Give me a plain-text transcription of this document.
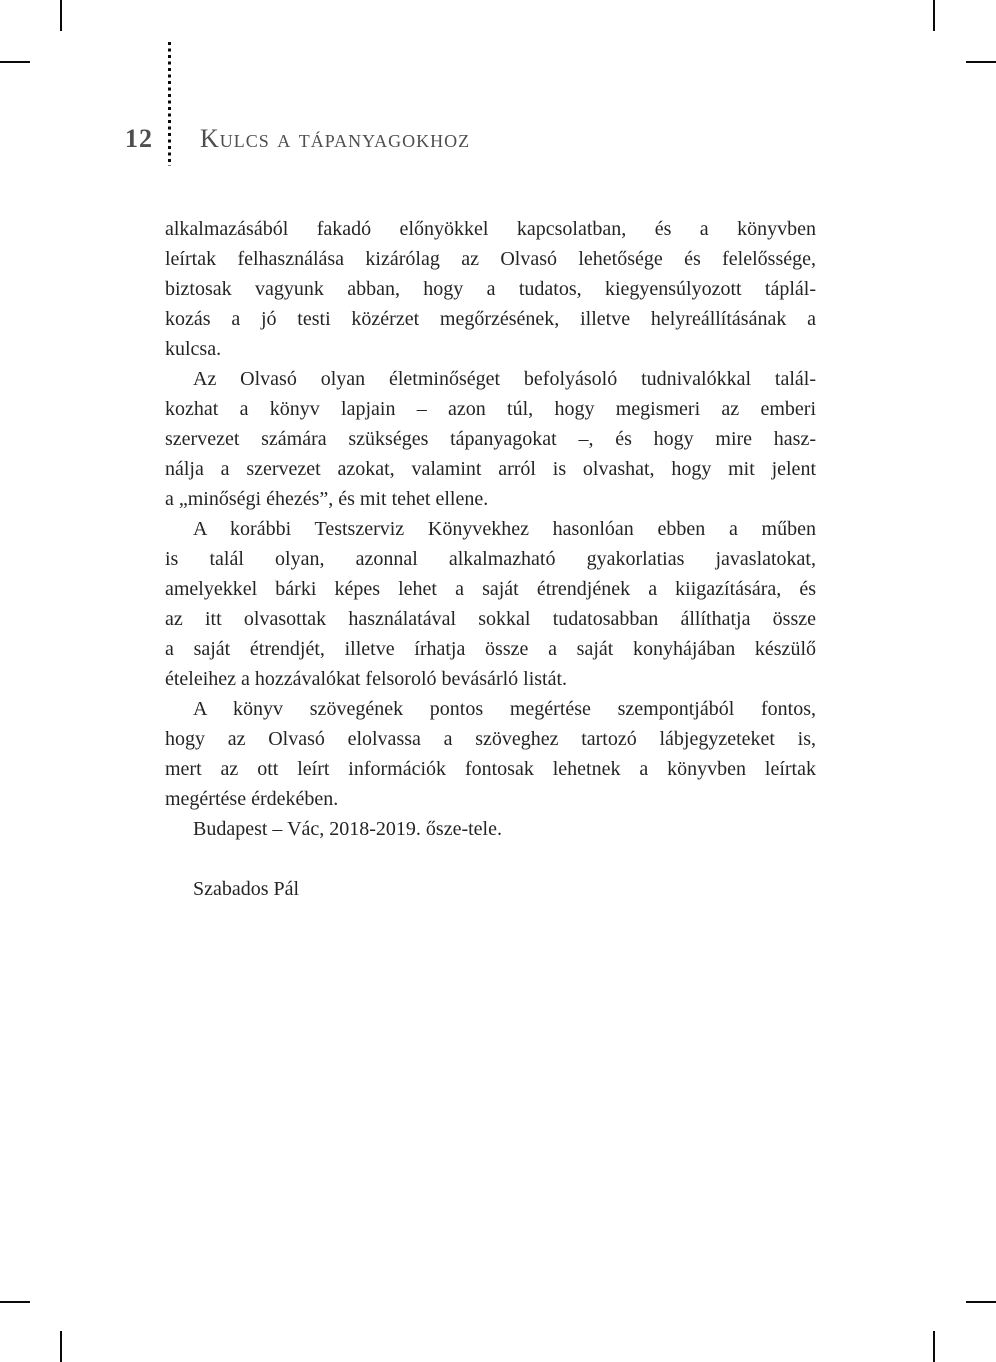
12 Kulcs a tápanyagokhoz
alkalmazásából fakadó előnyökkel kapcsolatban, és a könyvben
leírtak felhasználása kizárólag az Olvasó lehetősége és felelőssége,
biztosak vagyunk abban, hogy a tudatos, kiegyensúlyozott táplál-
kozás a jó testi közérzet megőrzésének, illetve helyreállításának a
kulcsa.
Az Olvasó olyan életminőséget befolyásoló tudnivalókkal talál-
kozhat a könyv lapjain – azon túl, hogy megismeri az emberi
szervezet számára szükséges tápanyagokat –, és hogy mire hasz-
nálja a szervezet azokat, valamint arról is olvashat, hogy mit jelent
a „minőségi éhezés”, és mit tehet ellene.
A korábbi Testszerviz Könyvekhez hasonlóan ebben a műben
is talál olyan, azonnal alkalmazható gyakorlatias javaslatokat,
amelyekkel bárki képes lehet a saját étrendjének a kiigazítására, és
az itt olvasottak használatával sokkal tudatosabban állíthatja össze
a saját étrendjét, illetve írhatja össze a saját konyhájában készülő
ételeihez a hozzávalókat felsoroló bevásárló listát.
A könyv szövegének pontos megértése szempontjából fontos,
hogy az Olvasó elolvassa a szöveghez tartozó lábjegyzeteket is,
mert az ott leírt információk fontosak lehetnek a könyvben leírtak
megértése érdekében.
Budapest – Vác, 2018-2019. ősze-tele.
Szabados Pál
